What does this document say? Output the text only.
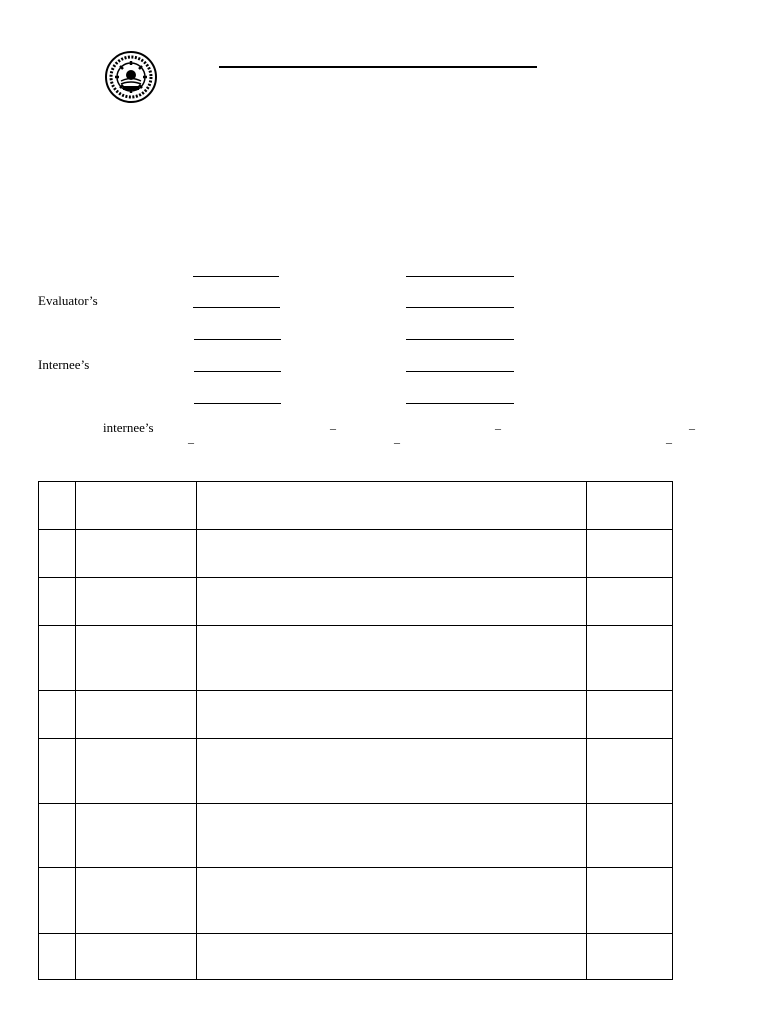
Evaluator’s
Internee’s
internee’s	–	–	–
–	–	–
